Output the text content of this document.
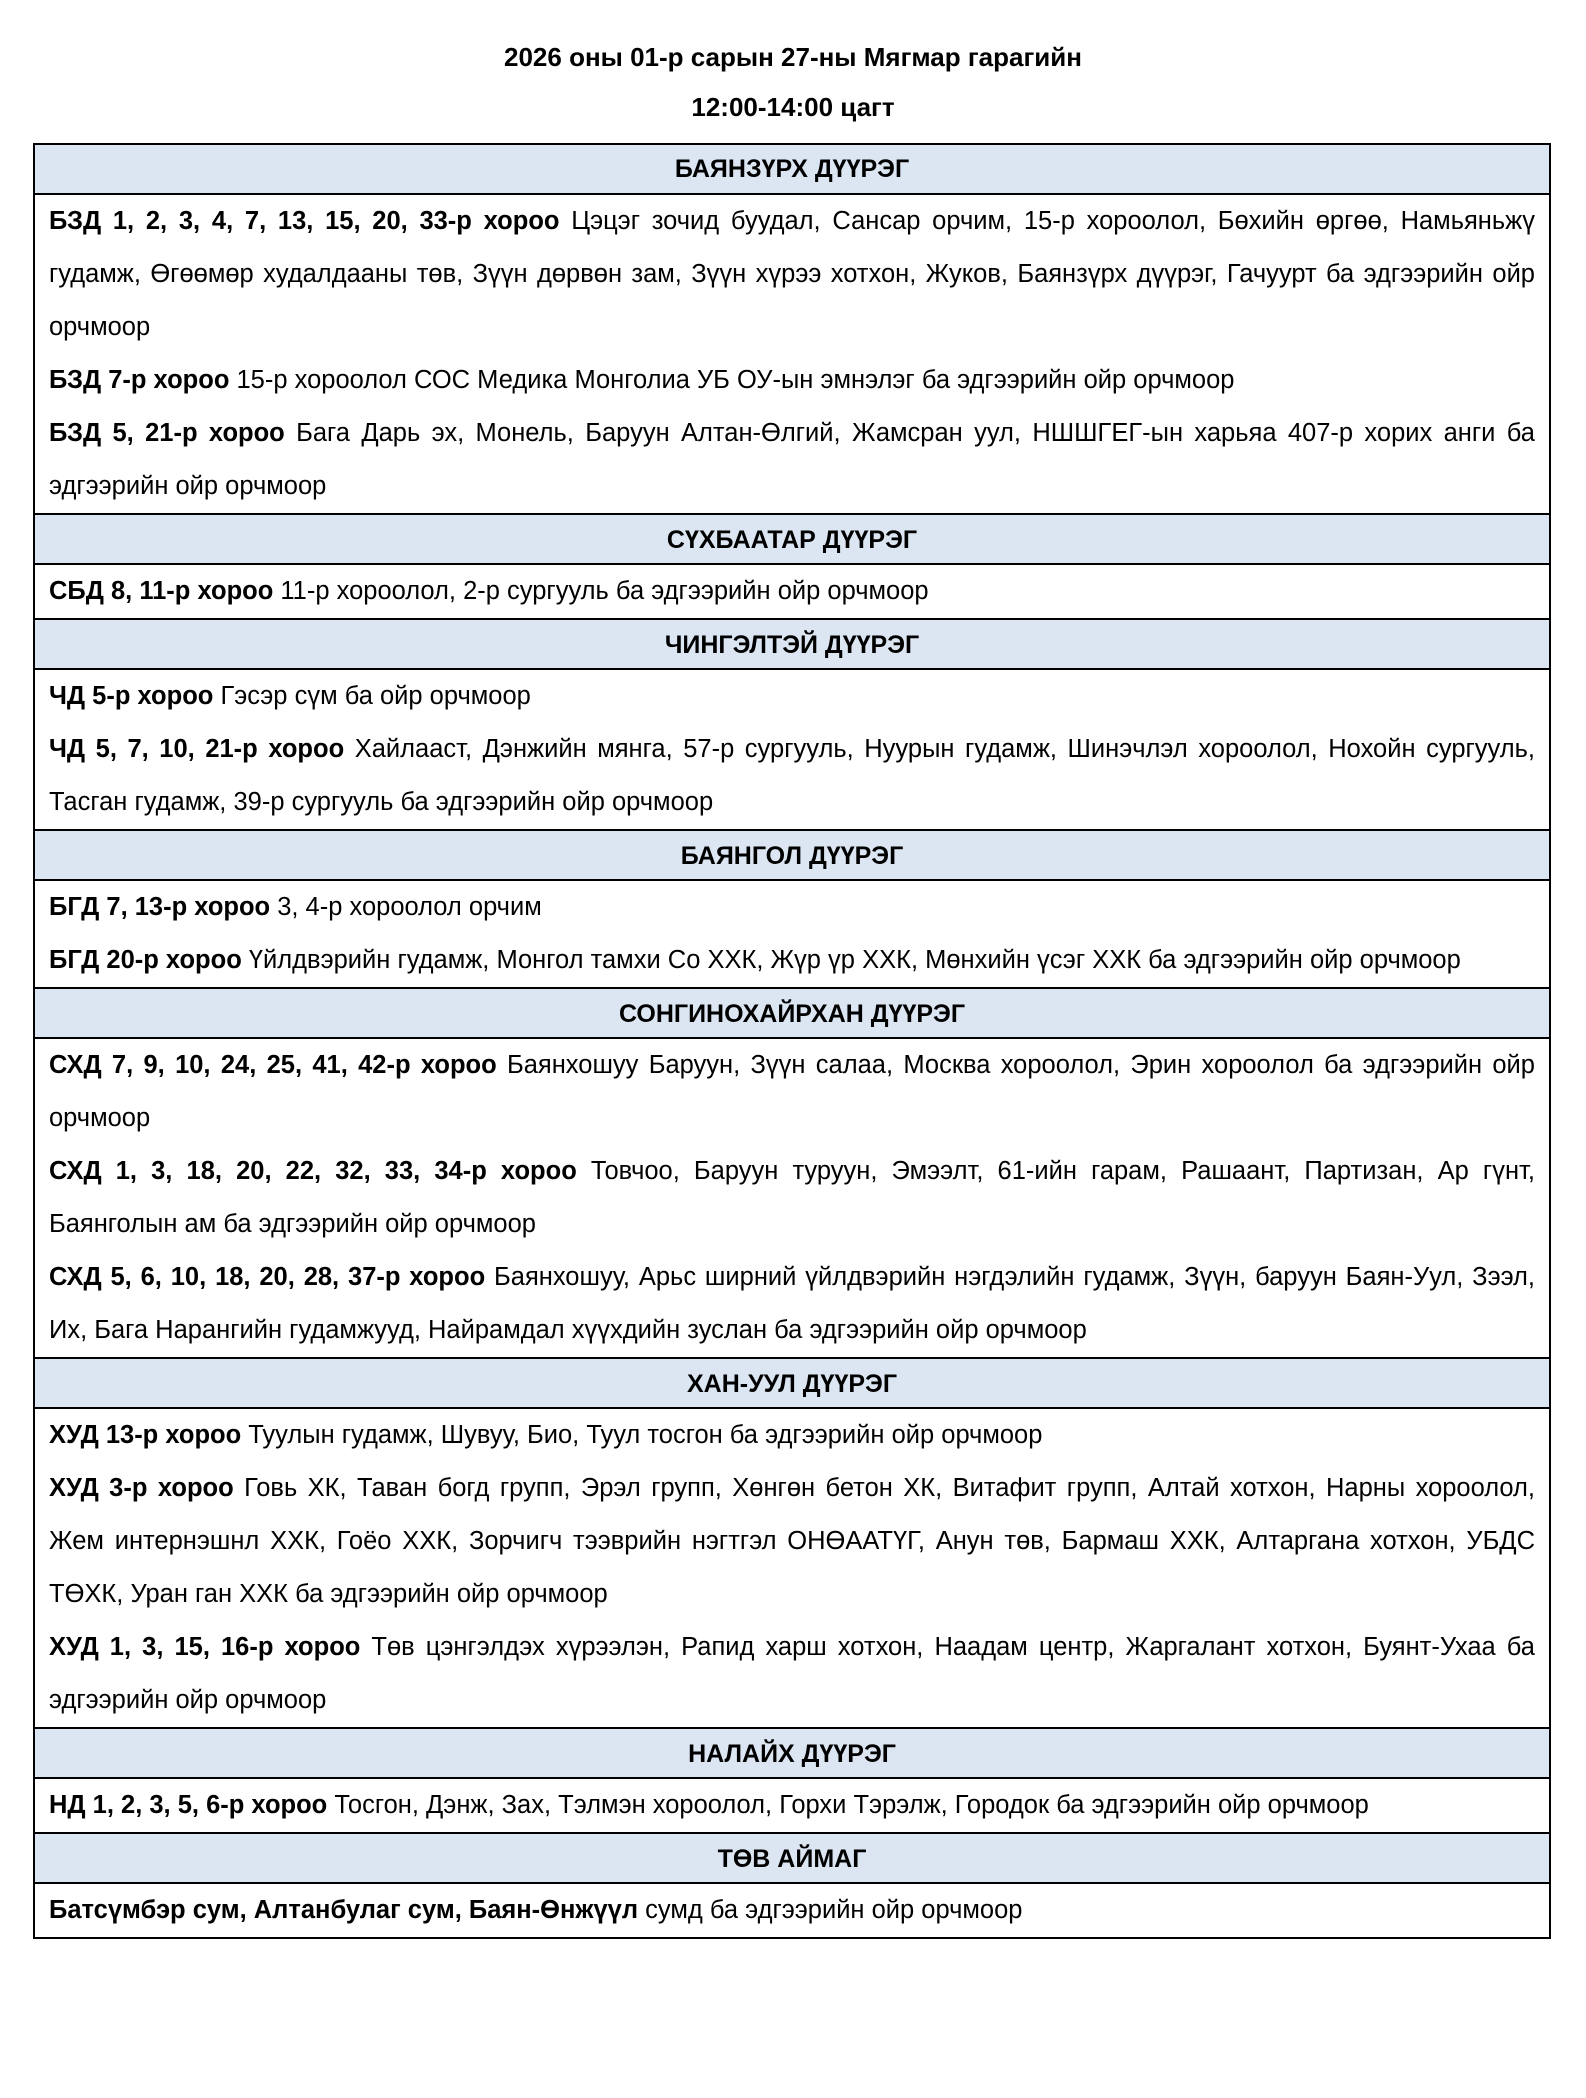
2026 оны 01-р сарын 27-ны Мягмар гарагийн
12:00-14:00 цагт
БАЯНЗҮРХ ДҮҮРЭГ
БЗД 1, 2, 3, 4, 7, 13, 15, 20, 33-р хороо Цэцэг зочид буудал, Сансар орчим, 15-р хороолол, Бөхийн өргөө, Намьяньжү гудамж, Өгөөмөр худалдааны төв, Зүүн дөрвөн зам, Зүүн хүрээ хотхон, Жуков, Баянзүрх дүүрэг, Гачуурт ба эдгээрийн ойр орчмоор
БЗД 7-р хороо 15-р хороолол СОС Медика Монголиа УБ ОУ-ын эмнэлэг ба эдгээрийн ойр орчмоор
БЗД 5, 21-р хороо Бага Дарь эх, Монель, Баруун Алтан-Өлгий, Жамсран уул, НШШГЕГ-ын харьяа 407-р хорих анги ба эдгээрийн ойр орчмоор
СҮХБААТАР ДҮҮРЭГ
СБД 8, 11-р хороо 11-р хороолол, 2-р сургууль ба эдгээрийн ойр орчмоор
ЧИНГЭЛТЭЙ ДҮҮРЭГ
ЧД 5-р хороо Гэсэр сүм ба ойр орчмоор
ЧД 5, 7, 10, 21-р хороо Хайлааст, Дэнжийн мянга, 57-р сургууль, Нуурын гудамж, Шинэчлэл хороолол, Нохойн сургууль, Тасган гудамж, 39-р сургууль ба эдгээрийн ойр орчмоор
БАЯНГОЛ ДҮҮРЭГ
БГД 7, 13-р хороо 3, 4-р хороолол орчим
БГД 20-р хороо Үйлдвэрийн гудамж, Монгол тамхи Со ХХК, Жүр үр ХХК, Мөнхийн үсэг ХХК ба эдгээрийн ойр орчмоор
СОНГИНОХАЙРХАН ДҮҮРЭГ
СХД 7, 9, 10, 24, 25, 41, 42-р хороо Баянхошуу Баруун, Зүүн салаа, Москва хороолол, Эрин хороолол ба эдгээрийн ойр орчмоор
СХД 1, 3, 18, 20, 22, 32, 33, 34-р хороо Товчоо, Баруун туруун, Эмээлт, 61-ийн гарам, Рашаант, Партизан, Ар гүнт, Баянголын ам ба эдгээрийн ойр орчмоор
СХД 5, 6, 10, 18, 20, 28, 37-р хороо Баянхошуу, Арьс ширний үйлдвэрийн нэгдэлийн гудамж, Зүүн, баруун Баян-Уул, Зээл, Их, Бага Нарангийн гудамжууд, Найрамдал хүүхдийн зуслан ба эдгээрийн ойр орчмоор
ХАН-УУЛ ДҮҮРЭГ
ХУД 13-р хороо Туулын гудамж, Шувуу, Био, Туул тосгон ба эдгээрийн ойр орчмоор
ХУД 3-р хороо Говь ХК, Таван богд групп, Эрэл групп, Хөнгөн бетон ХК, Витафит групп, Алтай хотхон, Нарны хороолол, Жем интернэшнл ХХК, Гоёо ХХК, Зорчигч тээврийн нэгтгэл ОНӨААТҮГ, Анун төв, Бармаш ХХК, Алтаргана хотхон, УБДС ТӨХК, Уран ган ХХК ба эдгээрийн ойр орчмоор
ХУД 1, 3, 15, 16-р хороо Төв цэнгэлдэх хүрээлэн, Рапид харш хотхон, Наадам центр, Жаргалант хотхон, Буянт-Ухаа ба эдгээрийн ойр орчмоор
НАЛАЙХ ДҮҮРЭГ
НД 1, 2, 3, 5, 6-р хороо Тосгон, Дэнж, Зах, Тэлмэн хороолол, Горхи Тэрэлж, Городок ба эдгээрийн ойр орчмоор
ТӨВ АЙМАГ
Батсүмбэр сум, Алтанбулаг сум, Баян-Өнжүүл сумд ба эдгээрийн ойр орчмоор
